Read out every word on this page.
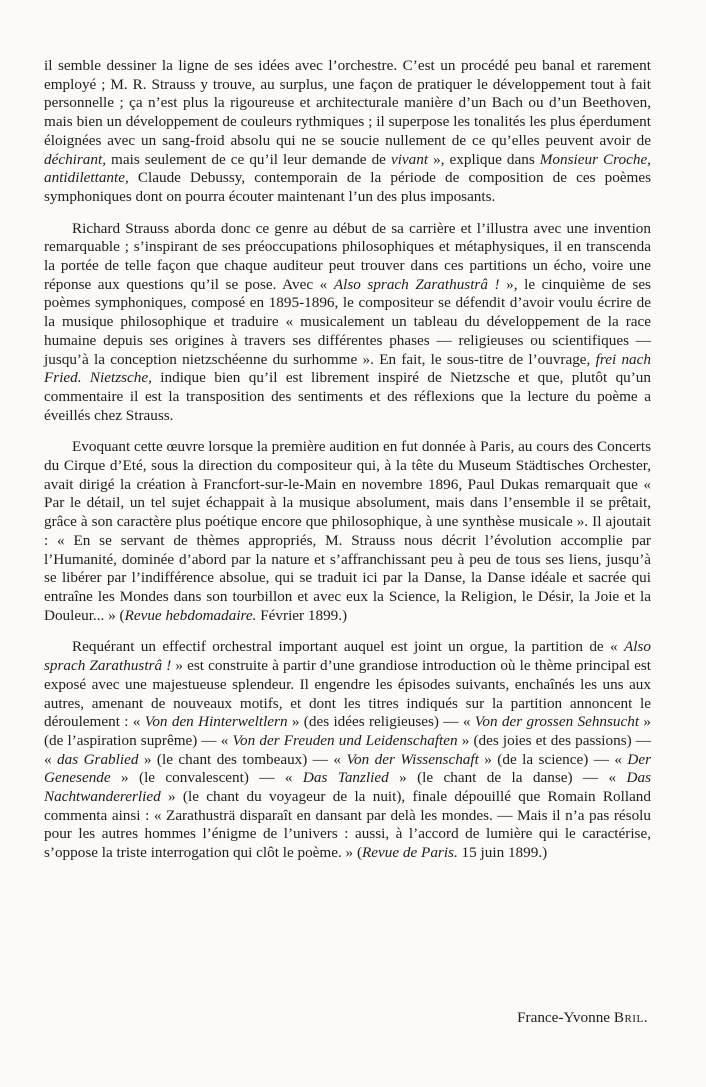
il semble dessiner la ligne de ses idées avec l’orchestre. C’est un procédé peu banal et rarement employé ; M. R. Strauss y trouve, au surplus, une façon de pratiquer le développement tout à fait personnelle ; ça n’est plus la rigoureuse et architecturale manière d’un Bach ou d’un Beethoven, mais bien un développement de couleurs rythmiques ; il superpose les tonalités les plus éperdument éloignées avec un sang-froid absolu qui ne se soucie nullement de ce qu’elles peuvent avoir de déchirant, mais seulement de ce qu’il leur demande de vivant », explique dans Monsieur Croche, antidilettante, Claude Debussy, contemporain de la période de composition de ces poèmes symphoniques dont on pourra écouter maintenant l’un des plus imposants.

Richard Strauss aborda donc ce genre au début de sa carrière et l’illustra avec une invention remarquable ; s’inspirant de ses préoccupations philosophiques et métaphysiques, il en transcenda la portée de telle façon que chaque auditeur peut trouver dans ces partitions un écho, voire une réponse aux questions qu’il se pose. Avec « Also sprach Zarathustrâ ! », le cinquième de ses poèmes symphoniques, composé en 1895-1896, le compositeur se défendit d’avoir voulu écrire de la musique philosophique et traduire « musicalement un tableau du développement de la race humaine depuis ses origines à travers ses différentes phases — religieuses ou scientifiques — jusqu’à la conception nietzschéenne du surhomme ». En fait, le sous-titre de l’ouvrage, frei nach Fried. Nietzsche, indique bien qu’il est librement inspiré de Nietzsche et que, plutôt qu’un commentaire il est la transposition des sentiments et des réflexions que la lecture du poème a éveillés chez Strauss.

Evoquant cette œuvre lorsque la première audition en fut donnée à Paris, au cours des Concerts du Cirque d’Eté, sous la direction du compositeur qui, à la tête du Museum Städtisches Orchester, avait dirigé la création à Francfort-sur-le-Main en novembre 1896, Paul Dukas remarquait que « Par le détail, un tel sujet échappait à la musique absolument, mais dans l’ensemble il se prêtait, grâce à son caractère plus poétique encore que philosophique, à une synthèse musicale ». Il ajoutait : « En se servant de thèmes appropriés, M. Strauss nous décrit l’évolution accomplie par l’Humanité, dominée d’abord par la nature et s’affranchissant peu à peu de tous ses liens, jusqu’à se libérer par l’indifférence absolue, qui se traduit ici par la Danse, la Danse idéale et sacrée qui entraîne les Mondes dans son tourbillon et avec eux la Science, la Religion, le Désir, la Joie et la Douleur... » (Revue hebdomadaire. Février 1899.)

Requérant un effectif orchestral important auquel est joint un orgue, la partition de « Also sprach Zarathustrâ ! » est construite à partir d’une grandiose introduction où le thème principal est exposé avec une majestueuse splendeur. Il engendre les épisodes suivants, enchaînés les uns aux autres, amenant de nouveaux motifs, et dont les titres indiqués sur la partition annoncent le déroulement : « Von den Hinterweltlern » (des idées religieuses) — « Von der grossen Sehnsucht » (de l’aspiration suprême) — « Von der Freuden und Leidenschaften » (des joies et des passions) — « das Grablied » (le chant des tombeaux) — « Von der Wissenschaft » (de la science) — « Der Genesende » (le convalescent) — « Das Tanzlied » (le chant de la danse) — « Das Nachtwandererlied » (le chant du voyageur de la nuit), finale dépouillé que Romain Rolland commenta ainsi : « Zarathusträ disparaît en dansant par delà les mondes. — Mais il n’a pas résolu pour les autres hommes l’énigme de l’univers : aussi, à l’accord de lumière qui le caractérise, s’oppose la triste interrogation qui clôt le poème. » (Revue de Paris. 15 juin 1899.)

France-Yvonne Bril.
